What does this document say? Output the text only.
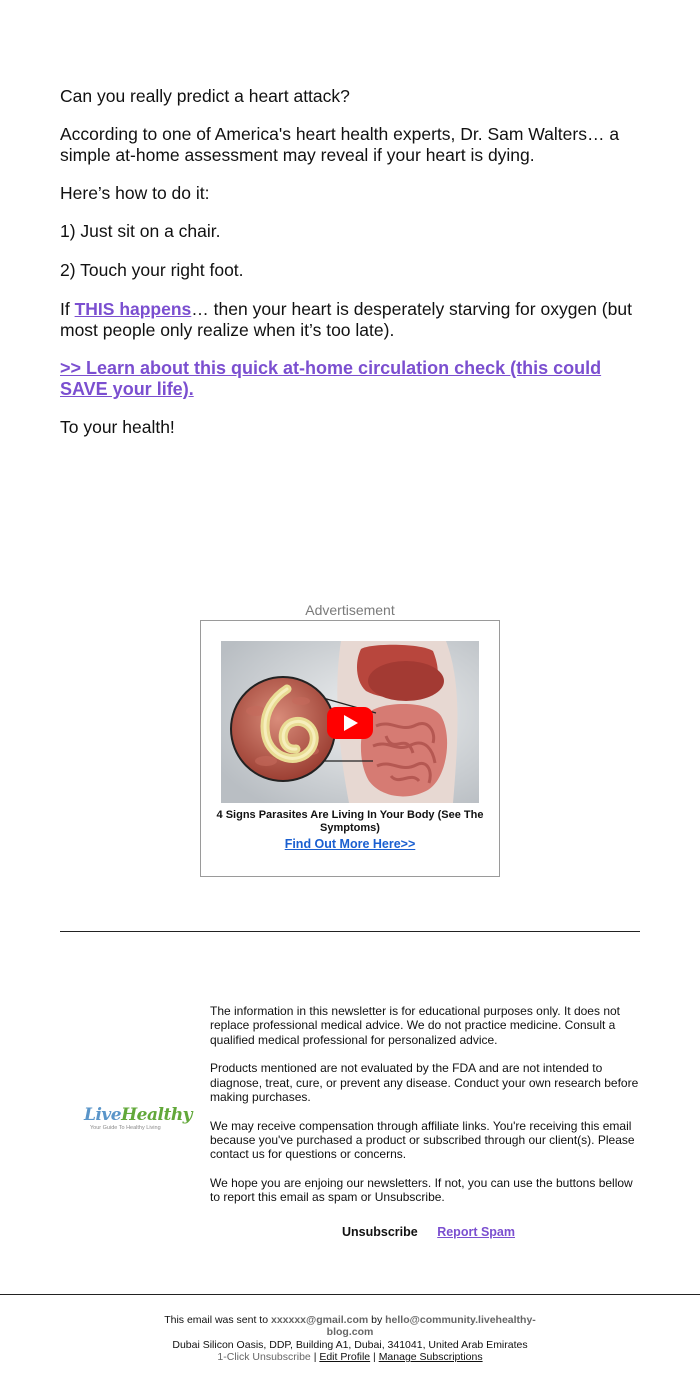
Can you really predict a heart attack?

According to one of America's heart health experts, Dr. Sam Walters… a simple at-home assessment may reveal if your heart is dying.

Here’s how to do it:

1) Just sit on a chair.

2) Touch your right foot.

If THIS happens… then your heart is desperately starving for oxygen (but most people only realize when it’s too late).

>> Learn about this quick at-home circulation check (this could SAVE your life).

To your health!

Advertisement
4 Signs Parasites Are Living In Your Body (See The Symptoms)
Find Out More Here>>
LiveHealthy
Your Guide To Healthy Living

The information in this newsletter is for educational purposes only. It does not replace professional medical advice. We do not practice medicine. Consult a qualified medical professional for personalized advice.

Products mentioned are not evaluated by the FDA and are not intended to diagnose, treat, cure, or prevent any disease. Conduct your own research before making purchases.

We may receive compensation through affiliate links. You're receiving this email because you've purchased a product or subscribed through our client(s). Please contact us for questions or concerns.

We hope you are enjoing our newsletters. If not, you can use the buttons bellow to report this email as spam or Unsubscribe.

Unsubscribe Report Spam
This email was sent to xxxxxx@gmail.com by hello@community.livehealthy-blog.com
Dubai Silicon Oasis, DDP, Building A1, Dubai, 341041, United Arab Emirates
1-Click Unsubscribe | Edit Profile | Manage Subscriptions
